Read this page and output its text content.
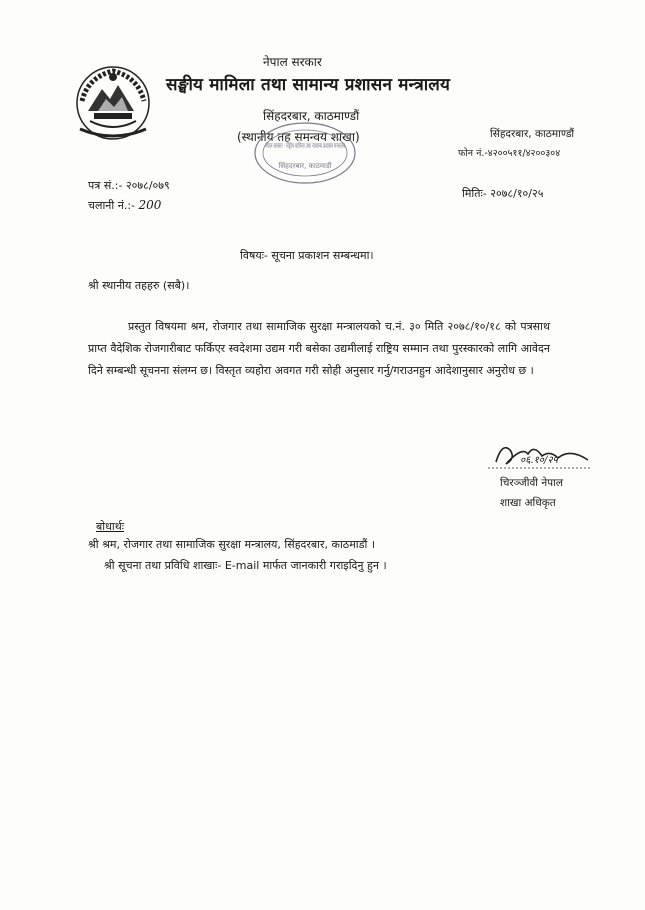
नेपाल सरकार
सङ्घीय मामिला तथा सामान्य प्रशासन मन्त्रालय
सिंहदरबार, काठमाण्डौं
(स्थानीय तह समन्वय शाखा)
नेपाल सरकार · सङ्घीय मामिला तथा सामान्य प्रशासन मन्त्रालय
सिंहदरबार, काठमाडौं
सिंहदरबार, काठमाण्डौं
फोन नं.-४२००५११/४२००३०४
पत्र सं.:- २०७८/०७९
चलानी नं.:- 200
मितिः- २०७८/१०/२५
विषयः- सूचना प्रकाशन सम्बन्धमा।
श्री स्थानीय तहहरु (सबै)।
प्रस्तुत विषयमा श्रम, रोजगार तथा सामाजिक सुरक्षा मन्त्रालयको च.नं. ३० मिति २०७८/१०/१८ को पत्रसाथ प्राप्त वैदेशिक रोजगारीबाट फर्किएर स्वदेशमा उद्यम गरी बसेका उद्यमीलाई राष्ट्रिय सम्मान तथा पुरस्कारको लागि आवेदन दिने सम्बन्धी सूचनना संलग्न छ। विस्तृत व्यहोरा अवगत गरी सोही अनुसार गर्नु/गराउनहुन आदेशानुसार अनुरोध छ ।
०६.१०/२५
चिरञ्जीवी नेपाल
शाखा अधिकृत
बोधार्थः
श्री श्रम, रोजगार तथा सामाजिक सुरक्षा मन्त्रालय, सिंहदरबार, काठमाडौं ।
श्री सूचना तथा प्रविधि शाखाः- E-mail मार्फत जानकारी गराइदिनु हुन ।
